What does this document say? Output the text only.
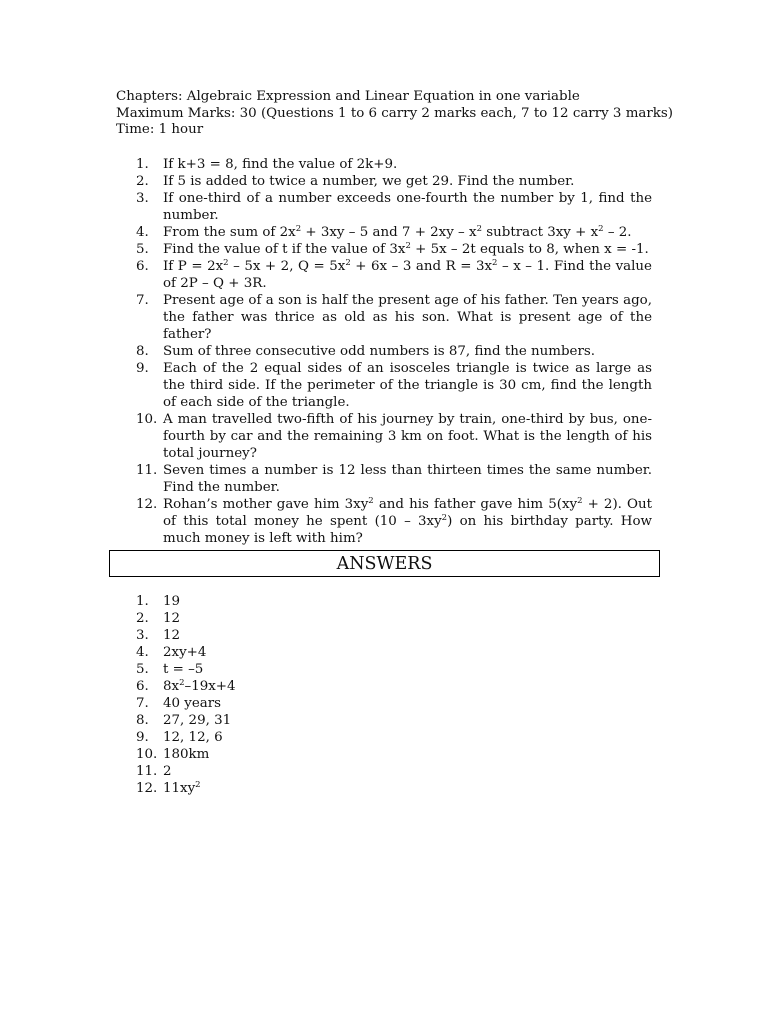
Chapters: Algebraic Expression and Linear Equation in one variable
Maximum Marks: 30 (Questions 1 to 6 carry 2 marks each, 7 to 12 carry 3 marks)
Time: 1 hour
1. If k+3 = 8, find the value of 2k+9.
2. If 5 is added to twice a number, we get 29. Find the number.
3. If one-third of a number exceeds one-fourth the number by 1, find the number.
4. From the sum of $2x^2 + 3xy - 5$ and $7 + 2xy - x^2$ subtract $3xy + x^2 - 2$.
5. Find the value of t if the value of $3x^2 + 5x - 2t$ equals to 8, when x = -1.
6. If $P = 2x^2 - 5x + 2$, $Q = 5x^2 + 6x - 3$ and $R = 3x^2 - x - 1$. Find the value of 2P – Q + 3R.
7. Present age of a son is half the present age of his father. Ten years ago, the father was thrice as old as his son. What is present age of the father?
8. Sum of three consecutive odd numbers is 87, find the numbers.
9. Each of the 2 equal sides of an isosceles triangle is twice as large as the third side. If the perimeter of the triangle is 30 cm, find the length of each side of the triangle.
10. A man travelled two-fifth of his journey by train, one-third by bus, one-fourth by car and the remaining 3 km on foot. What is the length of his total journey?
11. Seven times a number is 12 less than thirteen times the same number. Find the number.
12. Rohan’s mother gave him $3xy^2$ and his father gave him $5(xy^2 + 2)$. Out of this total money he spent $(10 - 3xy^2)$ on his birthday party. How much money is left with him?
ANSWERS
1. 19
2. 12
3. 12
4. 2xy+4
5. t = –5
6. $8x^2-19x+4$
7. 40 years
8. 27, 29, 31
9. 12, 12, 6
10. 180km
11. 2
12. $11xy^2$
